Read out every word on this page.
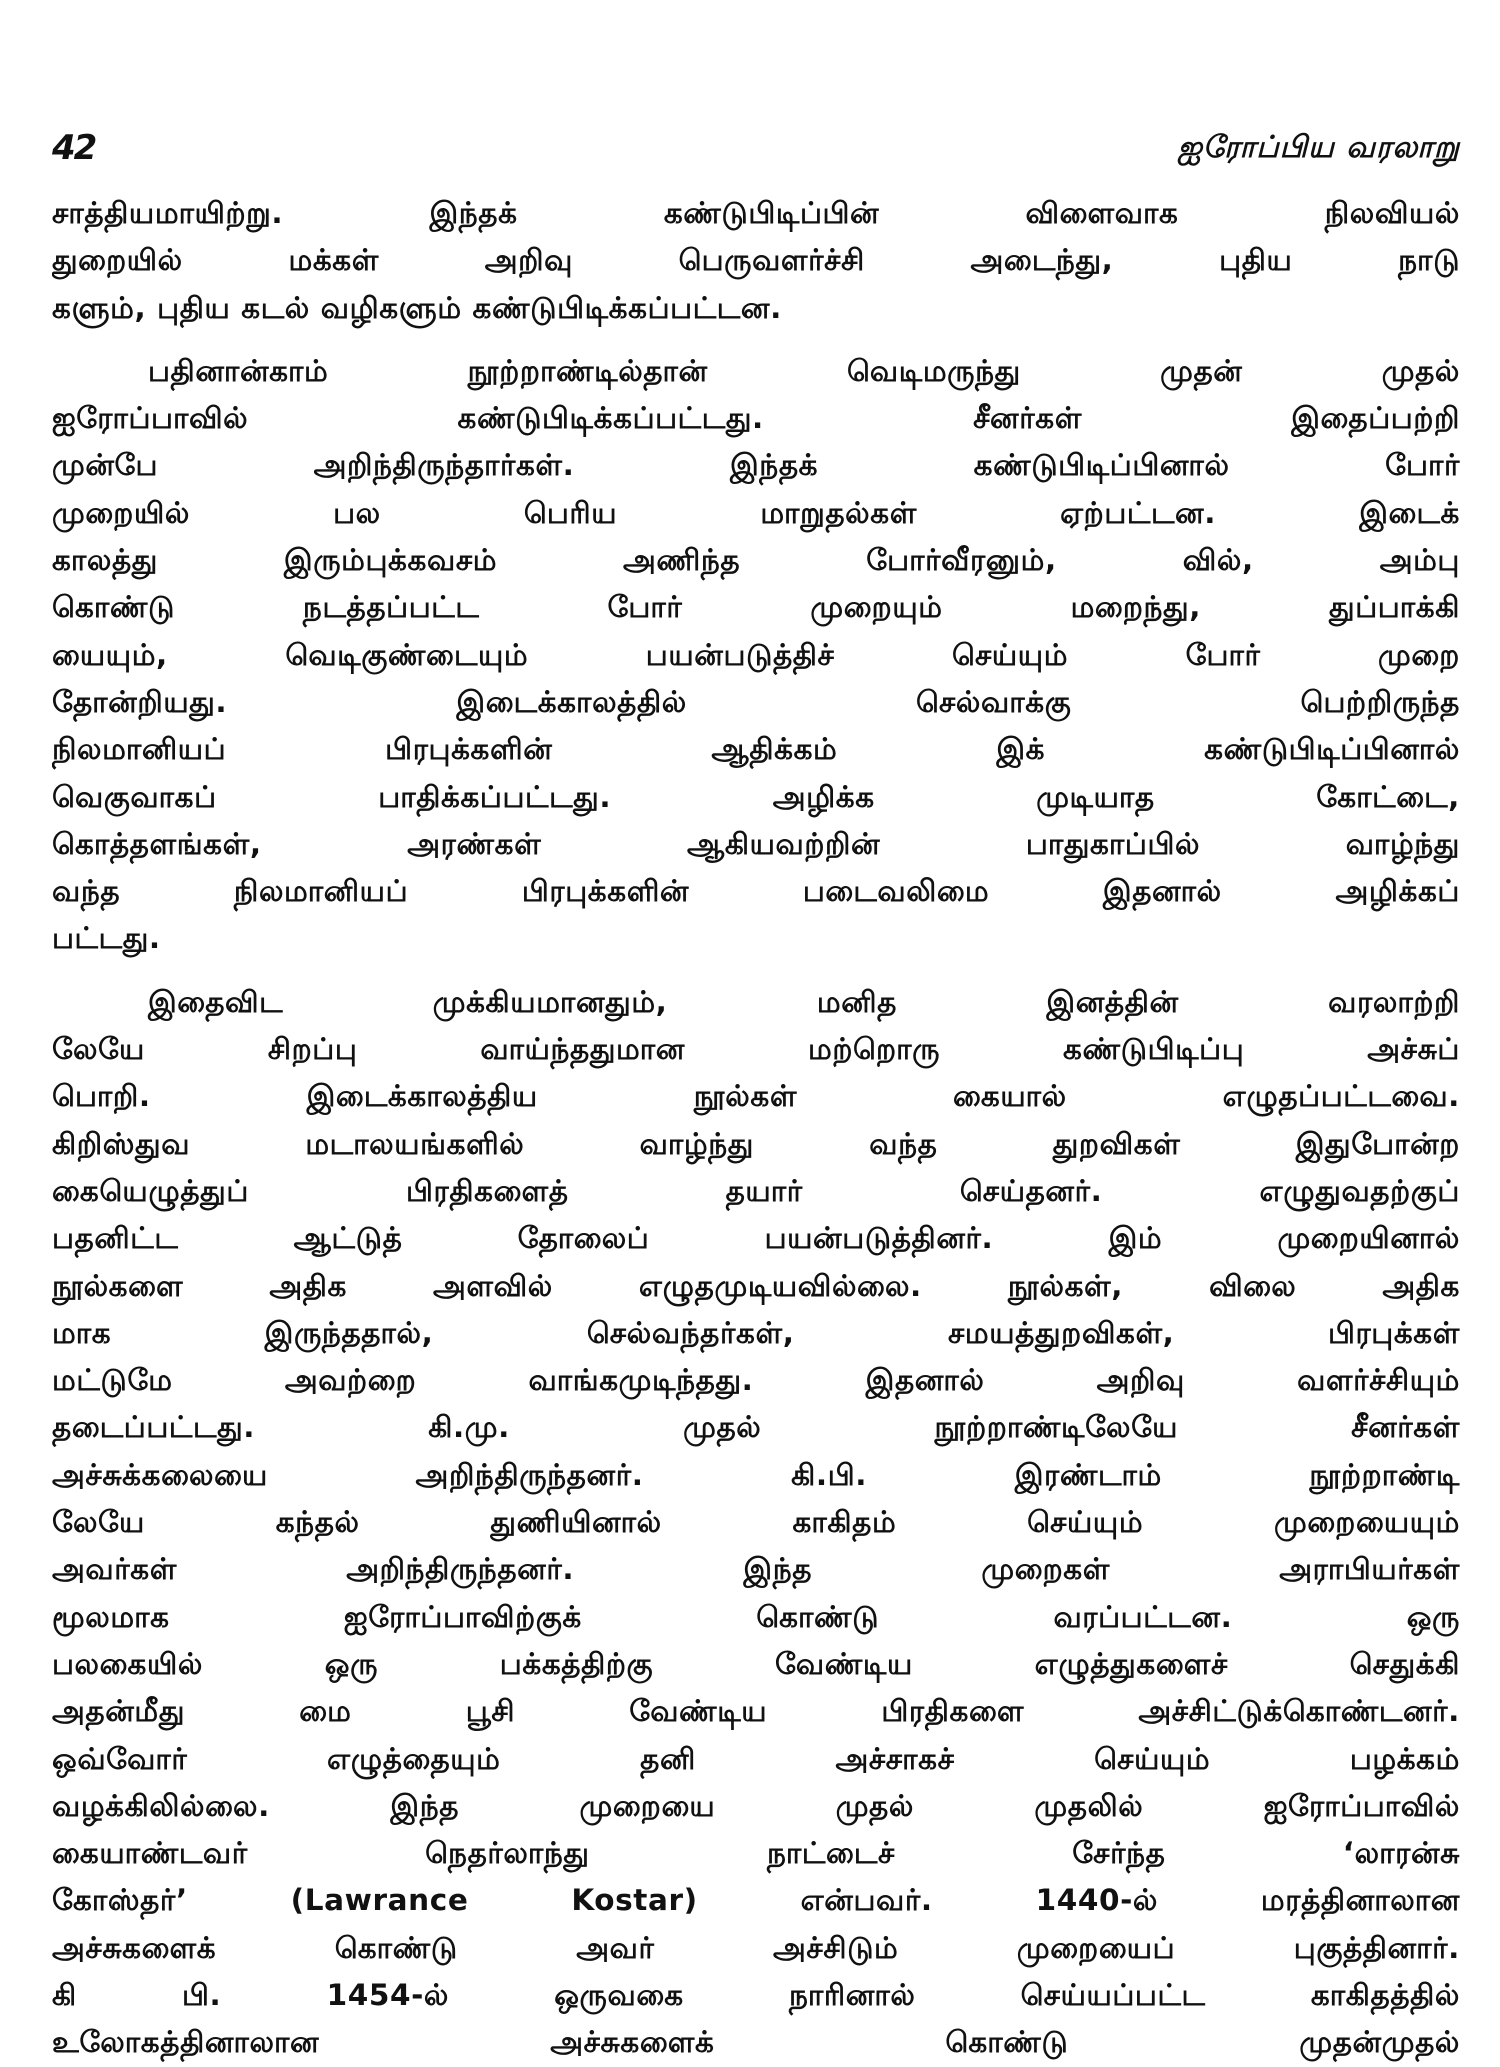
42	ஐரோப்பிய வரலாறு

சாத்தியமாயிற்று. இந்தக் கண்டுபிடிப்பின் விளைவாக நிலவியல்

துறையில் மக்கள் அறிவு பெருவளர்ச்சி அடைந்து, புதிய நாடு

களும், புதிய கடல் வழிகளும் கண்டுபிடிக்கப்பட்டன.

பதினான்காம் நூற்றாண்டில்தான் வெடிமருந்து முதன் முதல்

ஐரோப்பாவில் கண்டுபிடிக்கப்பட்டது. சீனர்கள் இதைப்பற்றி

முன்பே அறிந்திருந்தார்கள். இந்தக் கண்டுபிடிப்பினால் போர்

முறையில் பல பெரிய மாறுதல்கள் ஏற்பட்டன. இடைக்

காலத்து இரும்புக்கவசம் அணிந்த போர்வீரனும், வில், அம்பு

கொண்டு நடத்தப்பட்ட போர் முறையும் மறைந்து, துப்பாக்கி

யையும், வெடிகுண்டையும் பயன்படுத்திச் செய்யும் போர் முறை

தோன்றியது. இடைக்காலத்தில் செல்வாக்கு பெற்றிருந்த

நிலமானியப் பிரபுக்களின் ஆதிக்கம் இக் கண்டுபிடிப்பினால்

வெகுவாகப் பாதிக்கப்பட்டது. அழிக்க முடியாத கோட்டை,

கொத்தளங்கள், அரண்கள் ஆகியவற்றின் பாதுகாப்பில் வாழ்ந்து

வந்த நிலமானியப் பிரபுக்களின் படைவலிமை இதனால் அழிக்கப்

பட்டது.

இதைவிட முக்கியமானதும், மனித இனத்தின் வரலாற்றி

லேயே சிறப்பு வாய்ந்ததுமான மற்றொரு கண்டுபிடிப்பு அச்சுப்

பொறி. இடைக்காலத்திய நூல்கள் கையால் எழுதப்பட்டவை.

கிறிஸ்துவ மடாலயங்களில் வாழ்ந்து வந்த துறவிகள் இதுபோன்ற

கையெழுத்துப் பிரதிகளைத் தயார் செய்தனர். எழுதுவதற்குப்

பதனிட்ட ஆட்டுத் தோலைப் பயன்படுத்தினர். இம் முறையினால்

நூல்களை அதிக அளவில் எழுதமுடியவில்லை. நூல்கள், விலை அதிக

மாக இருந்ததால், செல்வந்தர்கள், சமயத்துறவிகள், பிரபுக்கள்

மட்டுமே அவற்றை வாங்கமுடிந்தது. இதனால் அறிவு வளர்ச்சியும்

தடைப்பட்டது. கி.மு. முதல் நூற்றாண்டிலேயே சீனர்கள்

அச்சுக்கலையை அறிந்திருந்தனர். கி.பி. இரண்டாம் நூற்றாண்டி

லேயே கந்தல் துணியினால் காகிதம் செய்யும் முறையையும்

அவர்கள் அறிந்திருந்தனர். இந்த முறைகள் அராபியர்கள்

மூலமாக ஐரோப்பாவிற்குக் கொண்டு வரப்பட்டன. ஒரு

பலகையில் ஒரு பக்கத்திற்கு வேண்டிய எழுத்துகளைச் செதுக்கி

அதன்மீது மை பூசி வேண்டிய பிரதிகளை அச்சிட்டுக்கொண்டனர்.

ஒவ்வோர் எழுத்தையும் தனி அச்சாகச் செய்யும் பழக்கம்

வழக்கிலில்லை. இந்த முறையை முதல் முதலில் ஐரோப்பாவில்

கையாண்டவர் நெதர்லாந்து நாட்டைச் சேர்ந்த ‘லாரன்சு

கோஸ்தர்’ (Lawrance Kostar) என்பவர். 1440-ல் மரத்தினாலான

அச்சுகளைக் கொண்டு அவர் அச்சிடும் முறையைப் புகுத்தினார்.

கி பி. 1454-ல் ஒருவகை நாரினால் செய்யப்பட்ட காகிதத்தில்

உலோகத்தினாலான அச்சுகளைக் கொண்டு முதன்முதல்
